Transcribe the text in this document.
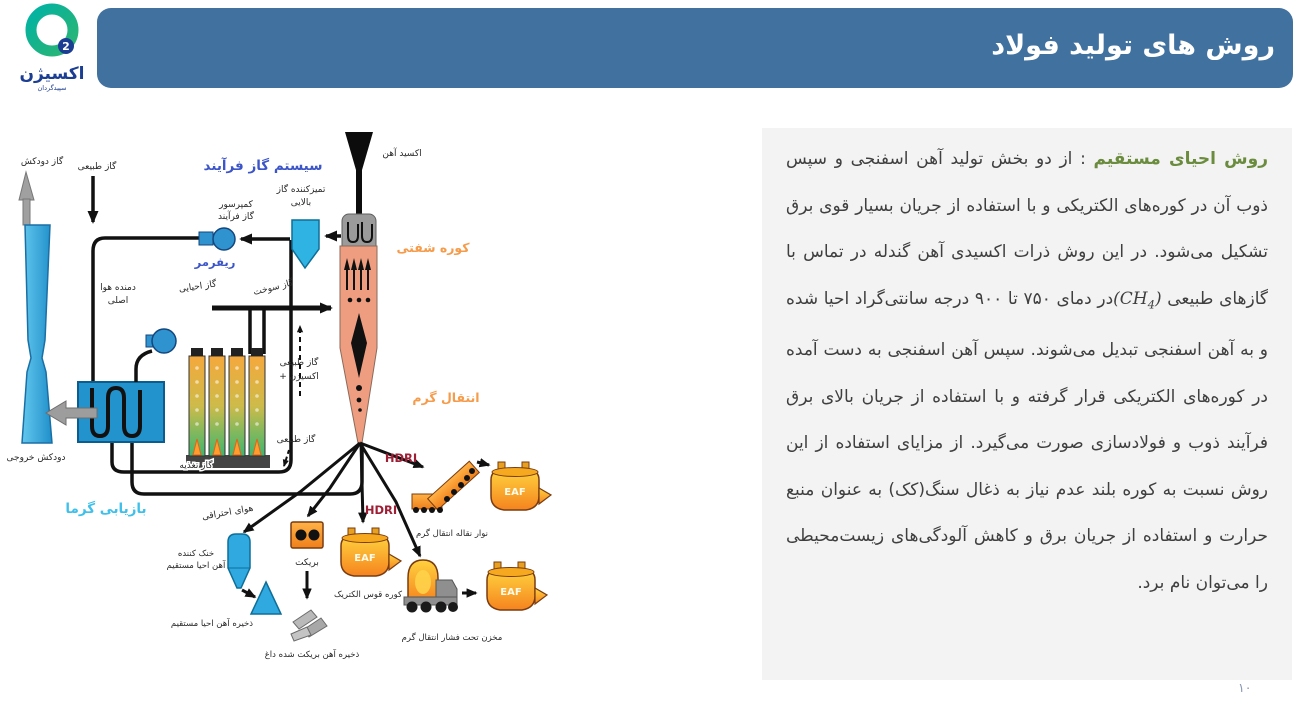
2
اکسیژن
سپیدگردان
روش های تولید فولاد

روش احیای مستقیم : از دو بخش تولید آهن اسفنجی و سپس ذوب آن در کوره‌های الکتریکی و با استفاده از جریان بسیار قوی برق تشکیل می‌شود. در این روش ذرات اکسیدی آهن گندله در تماس با گازهای طبیعی $(CH_4)در$ دمای ۷۵۰ تا ۹۰۰ درجه سانتی‌گراد احیا شده و به آهن اسفنجی تبدیل می‌شوند. سپس آهن اسفنجی به دست آمده در کوره‌های الکتریکی قرار گرفته و با استفاده از جریان بالای برق فرآیند ذوب و فولادسازی صورت می‌گیرد. از مزایای استفاده از این روش نسبت به کوره بلند عدم نیاز به ذغال سنگ(کک) به عنوان منبع حرارت و استفاده از جریان برق و کاهش آلودگی‌های زیست‌محیطی را می‌توان نام برد.

۱۰
EAF
گاز دودکش
دودکش خروجی
گاز طبیعی	سیستم گاز فرآیند
کمپرسور
گاز فرآیند
ریفرمر
تمیزکننده گاز
بالایی
اکسید آهن
کوره شفتی
گاز احیایی	گاز سوخت
دمنده هوا
اصلی
گاز طبیعی
+ اکسیژن
انتقال گرم
گاز طبیعی
گاز تغذیه
بازیابی گرما	هوای احتراقی
HDRI
HDRI
خنک کننده
آهن احیا مستقیم
ذخیره آهن احیا مستقیم
بریکت
ذخیره آهن بریکت شده داغ
کوره قوس الکتریک
نوار نقاله انتقال گرم
مخزن تحت فشار انتقال گرم
